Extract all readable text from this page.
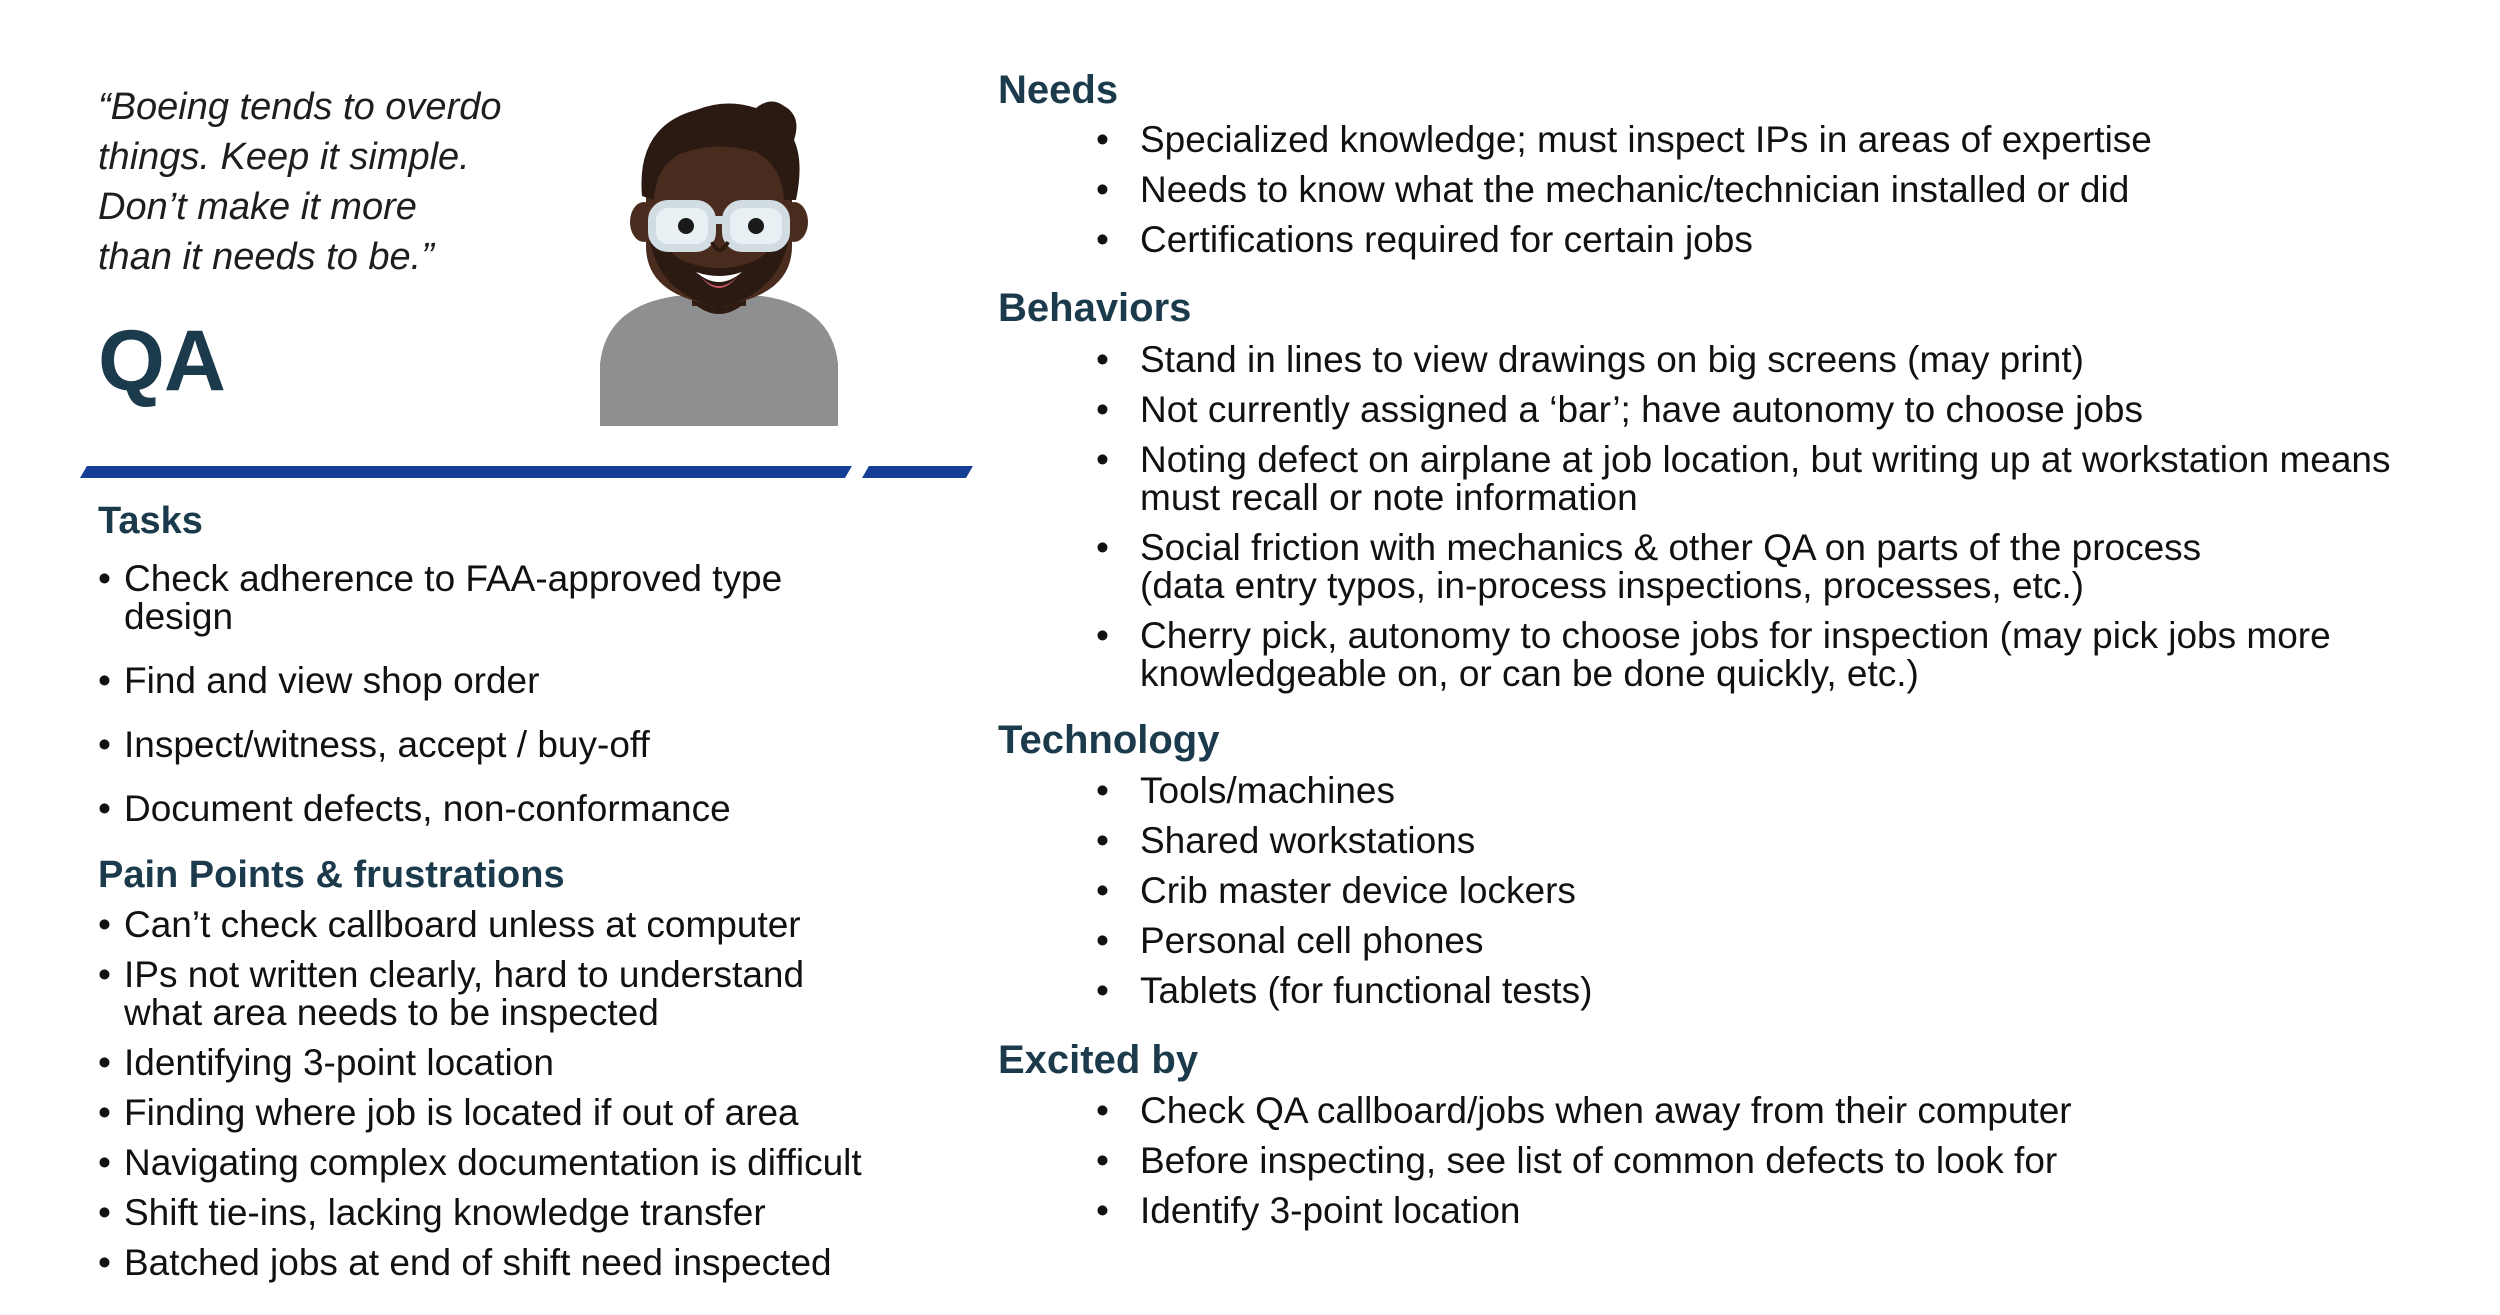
“Boeing tends to overdo
things. Keep it simple.
Don’t make it more
than it needs to be.”
QA
Tasks
• Check adherence to FAA-approved type
design
• Find and view shop order
• Inspect/witness, accept / buy-off
• Document defects, non-conformance
Pain Points & frustrations
• Can’t check callboard unless at computer
• IPs not written clearly, hard to understand
what area needs to be inspected
• Identifying 3-point location
• Finding where job is located if out of area
• Navigating complex documentation is difficult
• Shift tie-ins, lacking knowledge transfer
• Batched jobs at end of shift need inspected
Needs
• Specialized knowledge; must inspect IPs in areas of expertise
• Needs to know what the mechanic/technician installed or did
• Certifications required for certain jobs
Behaviors
• Stand in lines to view drawings on big screens (may print)
• Not currently assigned a ‘bar’; have autonomy to choose jobs
• Noting defect on airplane at job location, but writing up at workstation means
must recall or note information
• Social friction with mechanics & other QA on parts of the process
(data entry typos, in-process inspections, processes, etc.)
• Cherry pick, autonomy to choose jobs for inspection (may pick jobs more
knowledgeable on, or can be done quickly, etc.)
Technology
• Tools/machines
• Shared workstations
• Crib master device lockers
• Personal cell phones
• Tablets (for functional tests)
Excited by
• Check QA callboard/jobs when away from their computer
• Before inspecting, see list of common defects to look for
• Identify 3-point location
